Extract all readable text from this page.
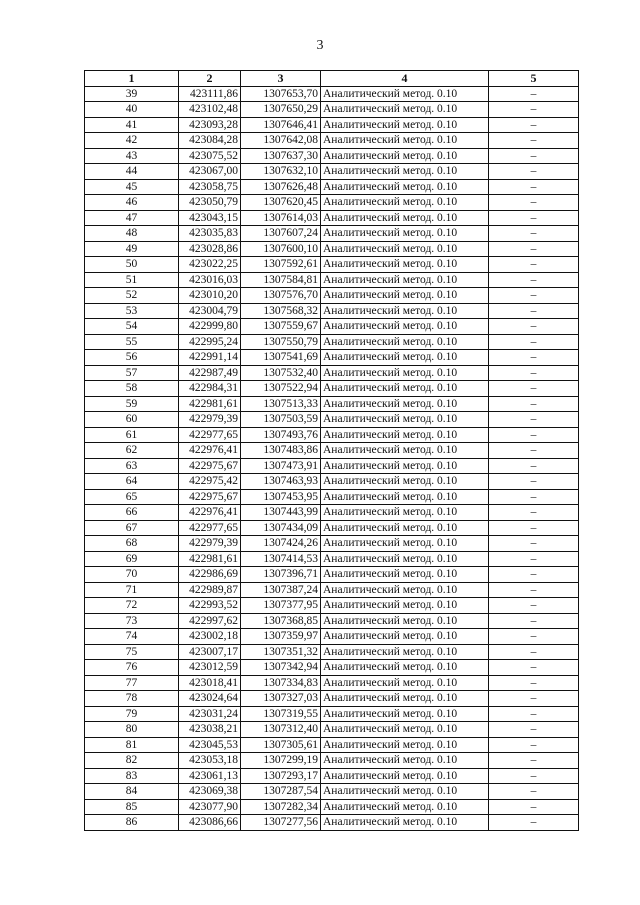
3
1	2	3	4	5
39	423111,86	1307653,70	Аналитический метод. 0.10	–
40	423102,48	1307650,29	Аналитический метод. 0.10	–
41	423093,28	1307646,41	Аналитический метод. 0.10	–
42	423084,28	1307642,08	Аналитический метод. 0.10	–
43	423075,52	1307637,30	Аналитический метод. 0.10	–
44	423067,00	1307632,10	Аналитический метод. 0.10	–
45	423058,75	1307626,48	Аналитический метод. 0.10	–
46	423050,79	1307620,45	Аналитический метод. 0.10	–
47	423043,15	1307614,03	Аналитический метод. 0.10	–
48	423035,83	1307607,24	Аналитический метод. 0.10	–
49	423028,86	1307600,10	Аналитический метод. 0.10	–
50	423022,25	1307592,61	Аналитический метод. 0.10	–
51	423016,03	1307584,81	Аналитический метод. 0.10	–
52	423010,20	1307576,70	Аналитический метод. 0.10	–
53	423004,79	1307568,32	Аналитический метод. 0.10	–
54	422999,80	1307559,67	Аналитический метод. 0.10	–
55	422995,24	1307550,79	Аналитический метод. 0.10	–
56	422991,14	1307541,69	Аналитический метод. 0.10	–
57	422987,49	1307532,40	Аналитический метод. 0.10	–
58	422984,31	1307522,94	Аналитический метод. 0.10	–
59	422981,61	1307513,33	Аналитический метод. 0.10	–
60	422979,39	1307503,59	Аналитический метод. 0.10	–
61	422977,65	1307493,76	Аналитический метод. 0.10	–
62	422976,41	1307483,86	Аналитический метод. 0.10	–
63	422975,67	1307473,91	Аналитический метод. 0.10	–
64	422975,42	1307463,93	Аналитический метод. 0.10	–
65	422975,67	1307453,95	Аналитический метод. 0.10	–
66	422976,41	1307443,99	Аналитический метод. 0.10	–
67	422977,65	1307434,09	Аналитический метод. 0.10	–
68	422979,39	1307424,26	Аналитический метод. 0.10	–
69	422981,61	1307414,53	Аналитический метод. 0.10	–
70	422986,69	1307396,71	Аналитический метод. 0.10	–
71	422989,87	1307387,24	Аналитический метод. 0.10	–
72	422993,52	1307377,95	Аналитический метод. 0.10	–
73	422997,62	1307368,85	Аналитический метод. 0.10	–
74	423002,18	1307359,97	Аналитический метод. 0.10	–
75	423007,17	1307351,32	Аналитический метод. 0.10	–
76	423012,59	1307342,94	Аналитический метод. 0.10	–
77	423018,41	1307334,83	Аналитический метод. 0.10	–
78	423024,64	1307327,03	Аналитический метод. 0.10	–
79	423031,24	1307319,55	Аналитический метод. 0.10	–
80	423038,21	1307312,40	Аналитический метод. 0.10	–
81	423045,53	1307305,61	Аналитический метод. 0.10	–
82	423053,18	1307299,19	Аналитический метод. 0.10	–
83	423061,13	1307293,17	Аналитический метод. 0.10	–
84	423069,38	1307287,54	Аналитический метод. 0.10	–
85	423077,90	1307282,34	Аналитический метод. 0.10	–
86	423086,66	1307277,56	Аналитический метод. 0.10	–
